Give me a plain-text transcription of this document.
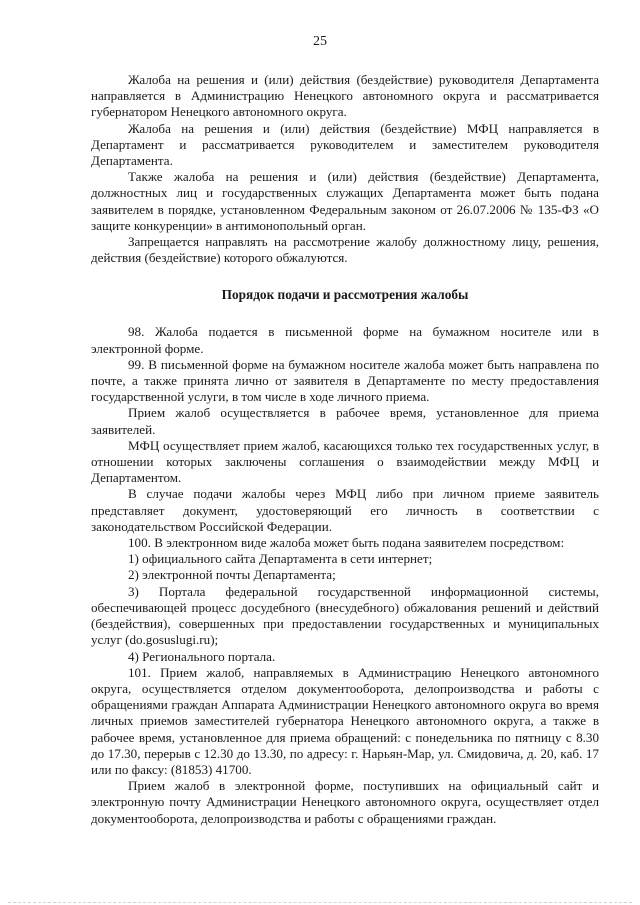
25

Жалоба на решения и (или) действия (бездействие) руководителя Департамента направляется в Администрацию Ненецкого автономного округа и рассматривается губернатором Ненецкого автономного округа.

Жалоба на решения и (или) действия (бездействие) МФЦ направляется в Департамент и рассматривается руководителем и заместителем руководителя Департамента.

Также жалоба на решения и (или) действия (бездействие) Департамента, должностных лиц и государственных служащих Департамента может быть подана заявителем в порядке, установленном Федеральным законом от 26.07.2006 № 135-ФЗ «О защите конкуренции» в антимонопольный орган.

Запрещается направлять на рассмотрение жалобу должностному лицу, решения, действия (бездействие) которого обжалуются.

Порядок подачи и рассмотрения жалобы

98. Жалоба подается в письменной форме на бумажном носителе или в электронной форме.

99. В письменной форме на бумажном носителе жалоба может быть направлена по почте, а также принята лично от заявителя в Департаменте по месту предоставления государственной услуги, в том числе в ходе личного приема.

Прием жалоб осуществляется в рабочее время, установленное для приема заявителей.

МФЦ осуществляет прием жалоб, касающихся только тех государственных услуг, в отношении которых заключены соглашения о взаимодействии между МФЦ и Департаментом.

В случае подачи жалобы через МФЦ либо при личном приеме заявитель представляет документ, удостоверяющий его личность в соответствии с законодательством Российской Федерации.

100. В электронном виде жалоба может быть подана заявителем посредством:

1) официального сайта Департамента в сети интернет;

2) электронной почты Департамента;

3) Портала федеральной государственной информационной системы, обеспечивающей процесс досудебного (внесудебного) обжалования решений и действий (бездействия), совершенных при предоставлении государственных и муниципальных услуг (do.gosuslugi.ru);

4) Регионального портала.

101. Прием жалоб, направляемых в Администрацию Ненецкого автономного округа, осуществляется отделом документооборота, делопроизводства и работы с обращениями граждан Аппарата Администрации Ненецкого автономного округа во время личных приемов заместителей губернатора Ненецкого автономного округа, а также в рабочее время, установленное для приема обращений: с понедельника по пятницу с 8.30 до 17.30, перерыв с 12.30 до 13.30, по адресу: г. Нарьян-Мар, ул. Смидовича, д. 20, каб. 17 или по факсу: (81853) 41700.

Прием жалоб в электронной форме, поступивших на официальный сайт и электронную почту Администрации Ненецкого автономного округа, осуществляет отдел документооборота, делопроизводства и работы с обращениями граждан.
